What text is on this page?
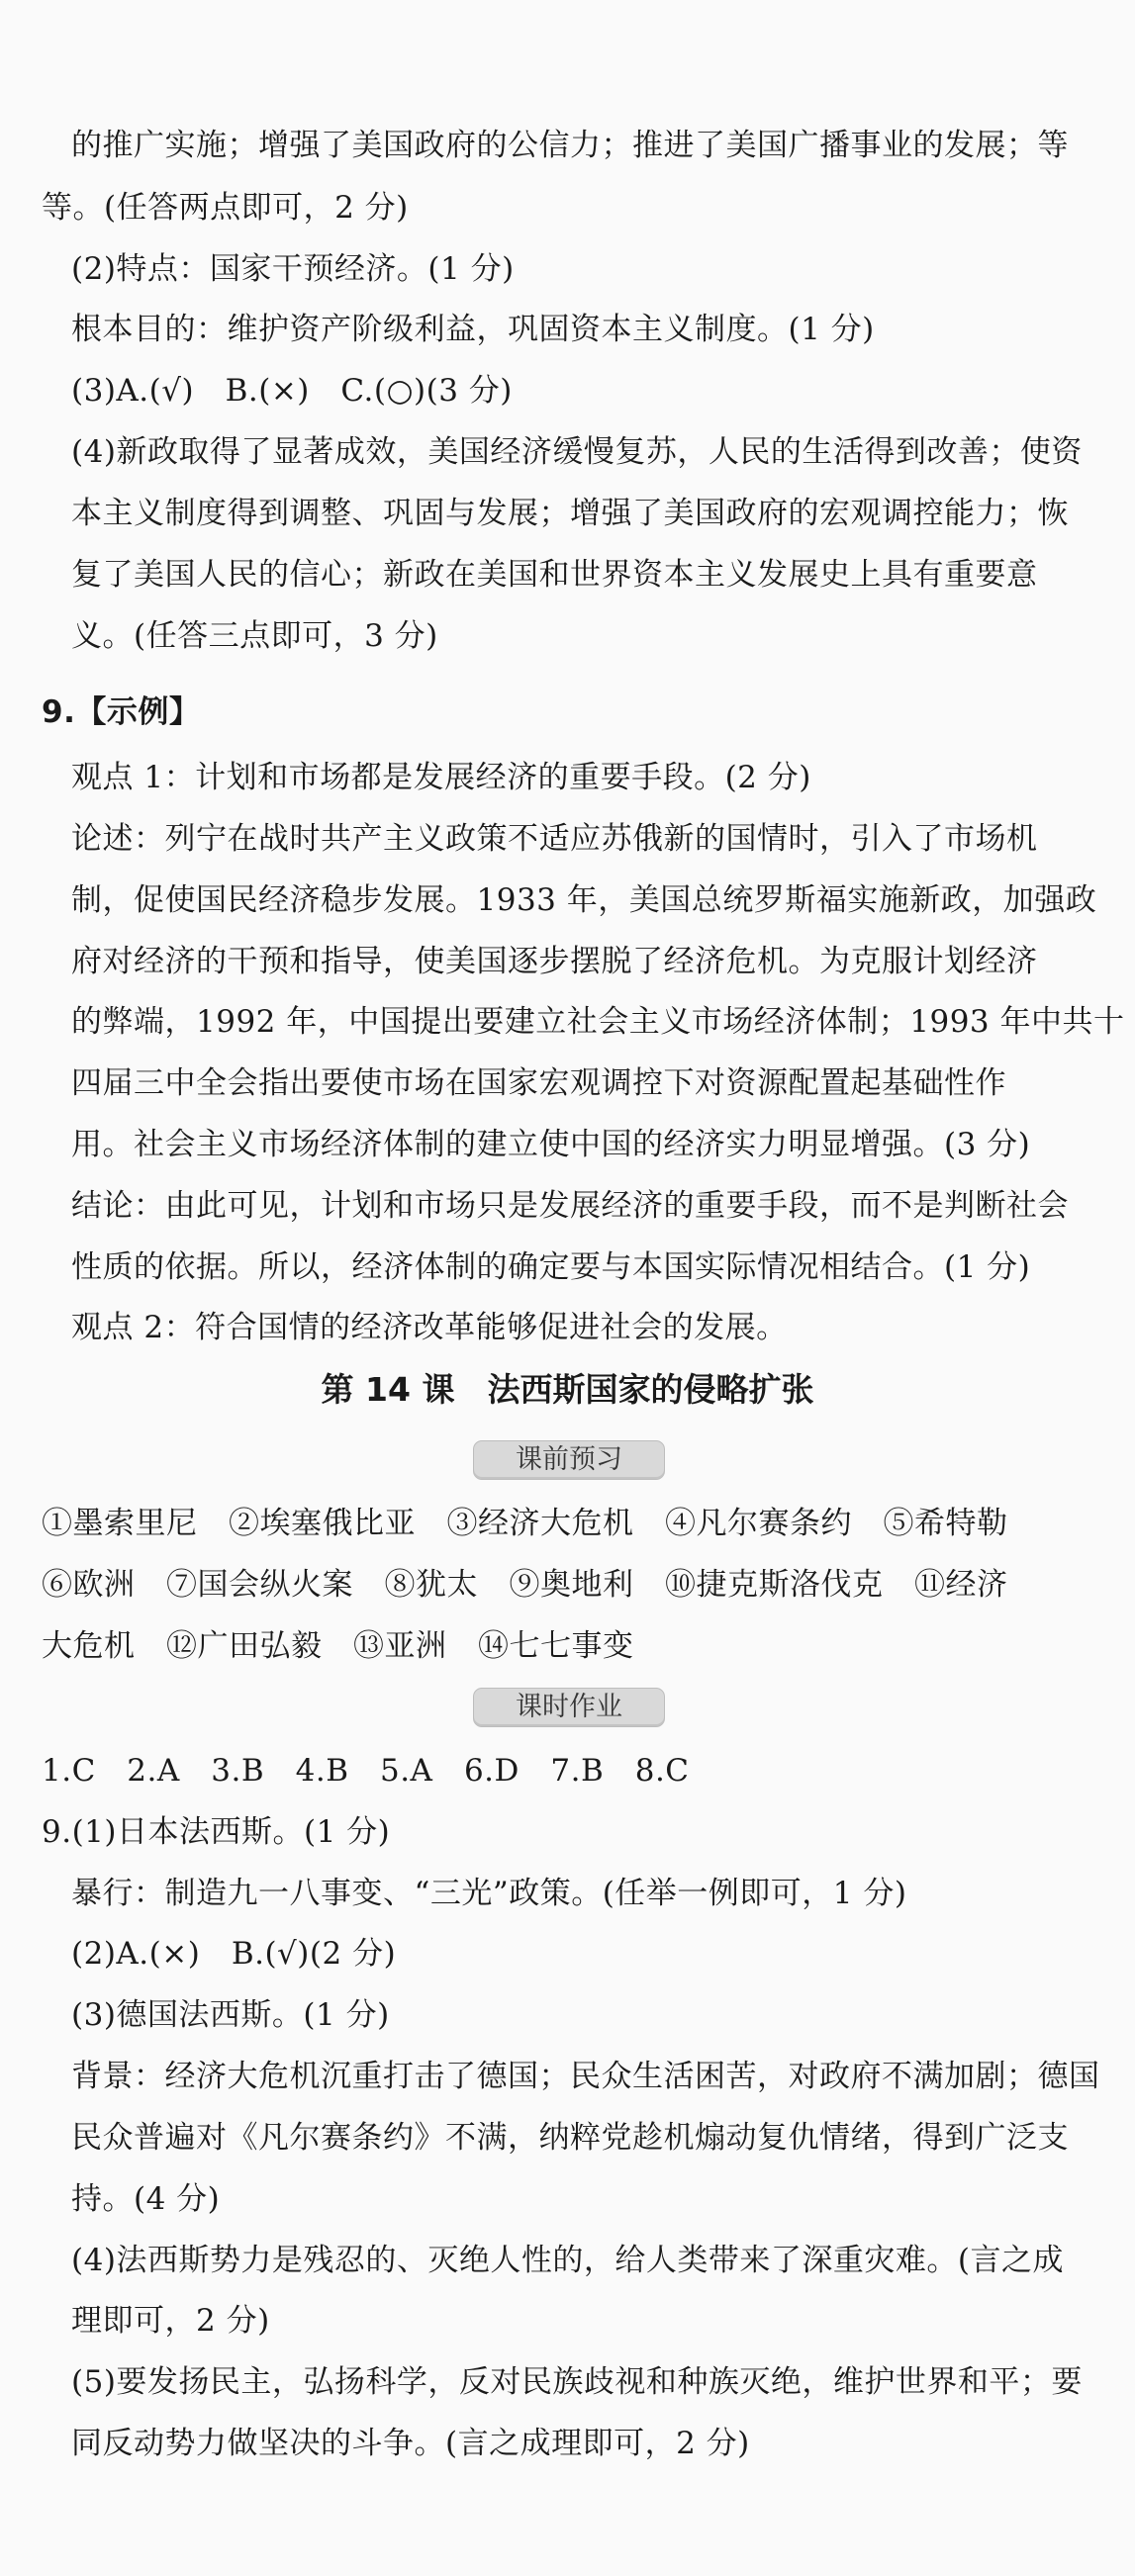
的推广实施；增强了美国政府的公信力；推进了美国广播事业的发展；等
等。(任答两点即可，2 分)
(2)特点：国家干预经济。(1 分)
根本目的：维护资产阶级利益，巩固资本主义制度。(1 分)
(3)A.(√)　B.(×)　C.(○)(3 分)
(4)新政取得了显著成效，美国经济缓慢复苏，人民的生活得到改善；使资
本主义制度得到调整、巩固与发展；增强了美国政府的宏观调控能力；恢
复了美国人民的信心；新政在美国和世界资本主义发展史上具有重要意
义。(任答三点即可，3 分)
9.【示例】
观点 1：计划和市场都是发展经济的重要手段。(2 分)
论述：列宁在战时共产主义政策不适应苏俄新的国情时，引入了市场机
制，促使国民经济稳步发展。1933 年，美国总统罗斯福实施新政，加强政
府对经济的干预和指导，使美国逐步摆脱了经济危机。为克服计划经济
的弊端，1992 年，中国提出要建立社会主义市场经济体制；1993 年中共十
四届三中全会指出要使市场在国家宏观调控下对资源配置起基础性作
用。社会主义市场经济体制的建立使中国的经济实力明显增强。(3 分)
结论：由此可见，计划和市场只是发展经济的重要手段，而不是判断社会
性质的依据。所以，经济体制的确定要与本国实际情况相结合。(1 分)
观点 2：符合国情的经济改革能够促进社会的发展。
第 14 课　法西斯国家的侵略扩张
课前预习
①墨索里尼　②埃塞俄比亚　③经济大危机　④凡尔赛条约　⑤希特勒
⑥欧洲　⑦国会纵火案　⑧犹太　⑨奥地利　⑩捷克斯洛伐克　⑪经济
大危机　⑫广田弘毅　⑬亚洲　⑭七七事变
课时作业
1.C　2.A　3.B　4.B　5.A　6.D　7.B　8.C
9.(1)日本法西斯。(1 分)
暴行：制造九一八事变、“三光”政策。(任举一例即可，1 分)
(2)A.(×)　B.(√)(2 分)
(3)德国法西斯。(1 分)
背景：经济大危机沉重打击了德国；民众生活困苦，对政府不满加剧；德国
民众普遍对《凡尔赛条约》不满，纳粹党趁机煽动复仇情绪，得到广泛支
持。(4 分)
(4)法西斯势力是残忍的、灭绝人性的，给人类带来了深重灾难。(言之成
理即可，2 分)
(5)要发扬民主，弘扬科学，反对民族歧视和种族灭绝，维护世界和平；要
同反动势力做坚决的斗争。(言之成理即可，2 分)
